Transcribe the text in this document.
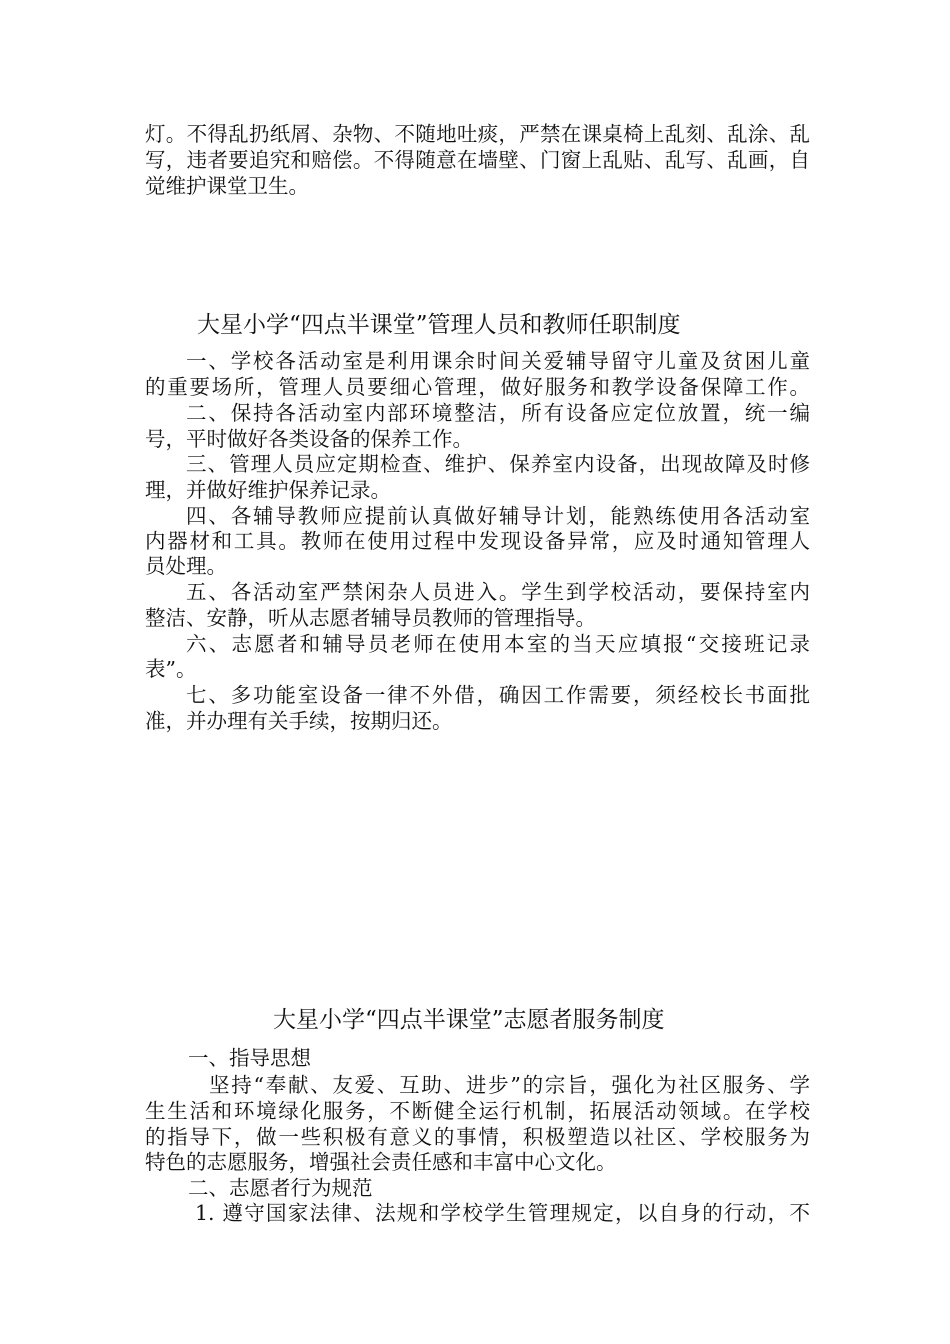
灯。不得乱扔纸屑、杂物、不随地吐痰，严禁在课桌椅上乱刻、乱涂、乱
写，违者要追究和赔偿。不得随意在墙壁、门窗上乱贴、乱写、乱画，自
觉维护课堂卫生。
大星小学“四点半课堂”管理人员和教师任职制度
一、学校各活动室是利用课余时间关爱辅导留守儿童及贫困儿童
的重要场所，管理人员要细心管理，做好服务和教学设备保障工作。
二、保持各活动室内部环境整洁，所有设备应定位放置，统一编
号，平时做好各类设备的保养工作。
三、管理人员应定期检查、维护、保养室内设备，出现故障及时修
理，并做好维护保养记录。
四、各辅导教师应提前认真做好辅导计划，能熟练使用各活动室
内器材和工具。教师在使用过程中发现设备异常，应及时通知管理人
员处理。
五、各活动室严禁闲杂人员进入。学生到学校活动，要保持室内
整洁、安静，听从志愿者辅导员教师的管理指导。
六、志愿者和辅导员老师在使用本室的当天应填报“交接班记录
表”。
七、多功能室设备一律不外借，确因工作需要，须经校长书面批
准，并办理有关手续，按期归还。
大星小学“四点半课堂”志愿者服务制度
一、指导思想
坚持“奉献、友爱、互助、进步”的宗旨，强化为社区服务、学
生生活和环境绿化服务，不断健全运行机制，拓展活动领域。在学校
的指导下，做一些积极有意义的事情，积极塑造以社区、学校服务为
特色的志愿服务，增强社会责任感和丰富中心文化。
二、志愿者行为规范
1. 遵守国家法律、法规和学校学生管理规定，以自身的行动，不
